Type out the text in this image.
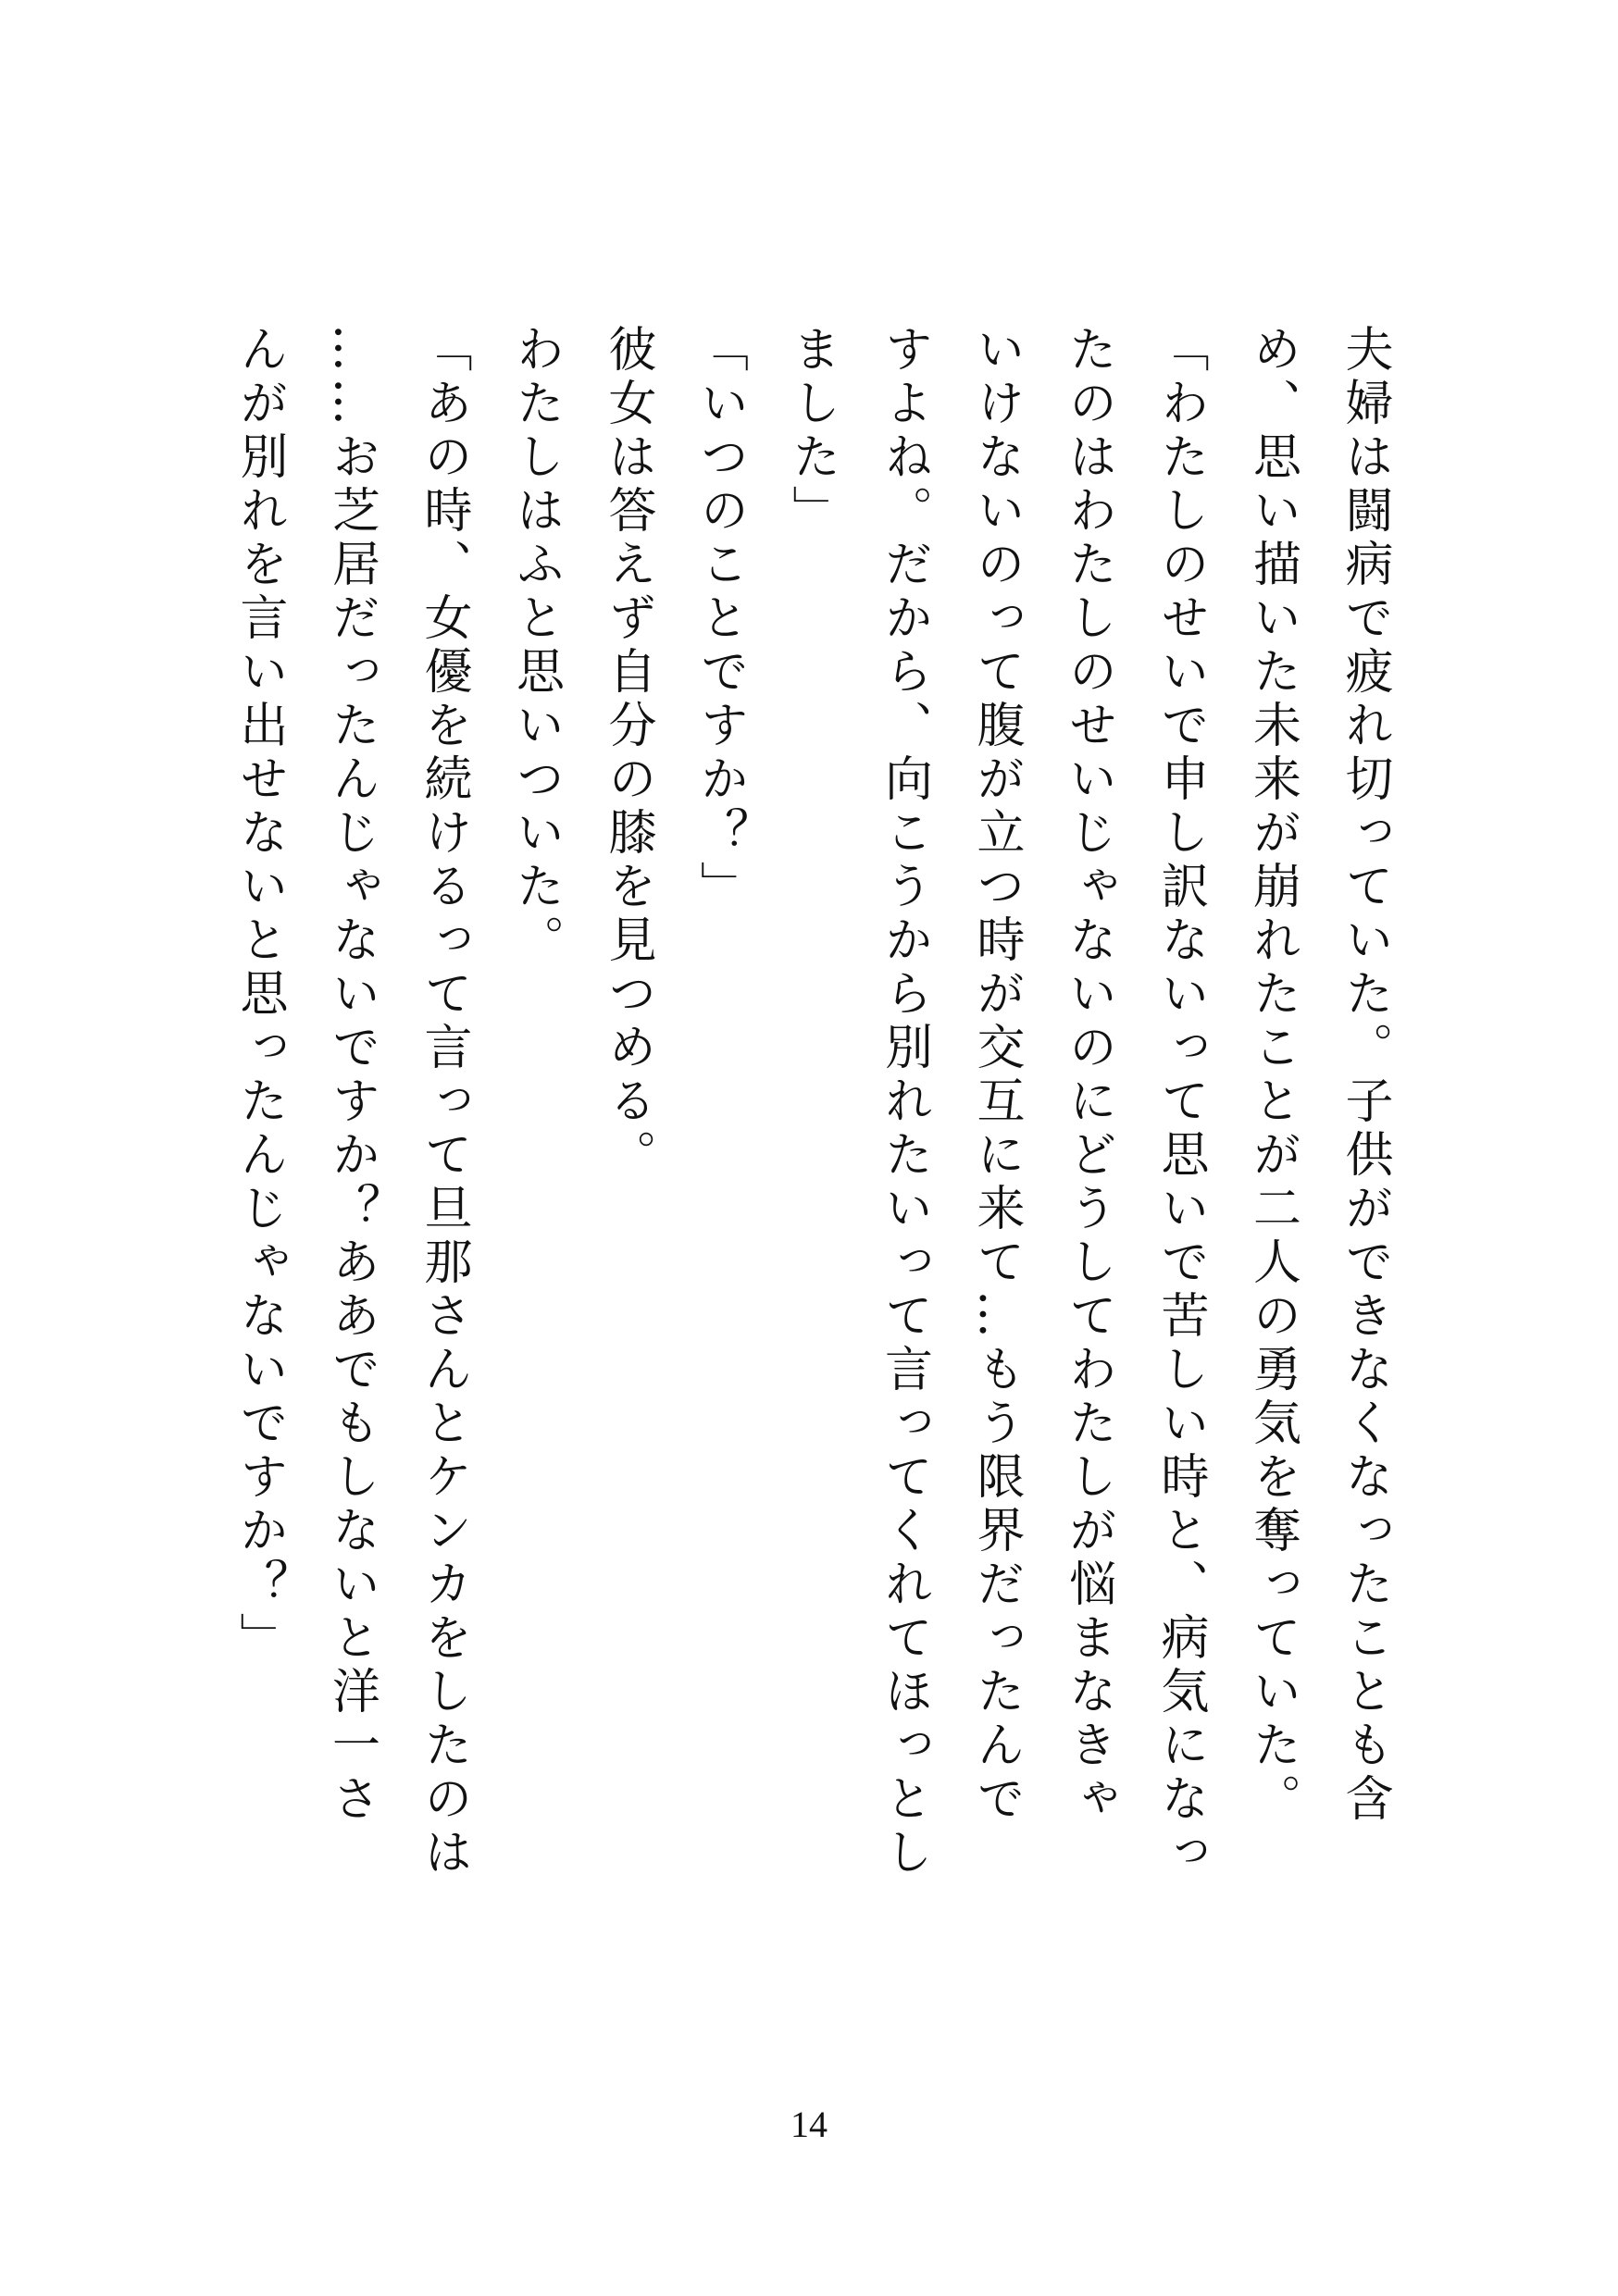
夫婦は闘病で疲れ切っていた。子供ができなくなったことも含

め、思い描いた未来が崩れたことが二人の勇気を奪っていた。

「わたしのせいで申し訳ないって思いで苦しい時と、病気になっ

たのはわたしのせいじゃないのにどうしてわたしが悩まなきゃ

いけないのって腹が立つ時が交互に来て…もう限界だったんで

すよね。だから、向こうから別れたいって言ってくれてほっとし

ました」

「いつのことですか？」

彼女は答えず自分の膝を見つめる。

わたしはふと思いついた。

「あの時、女優を続けるって言って旦那さんとケンカをしたのは

……お芝居だったんじゃないですか？ああでもしないと洋一さ

んが別れを言い出せないと思ったんじゃないですか？」

14
